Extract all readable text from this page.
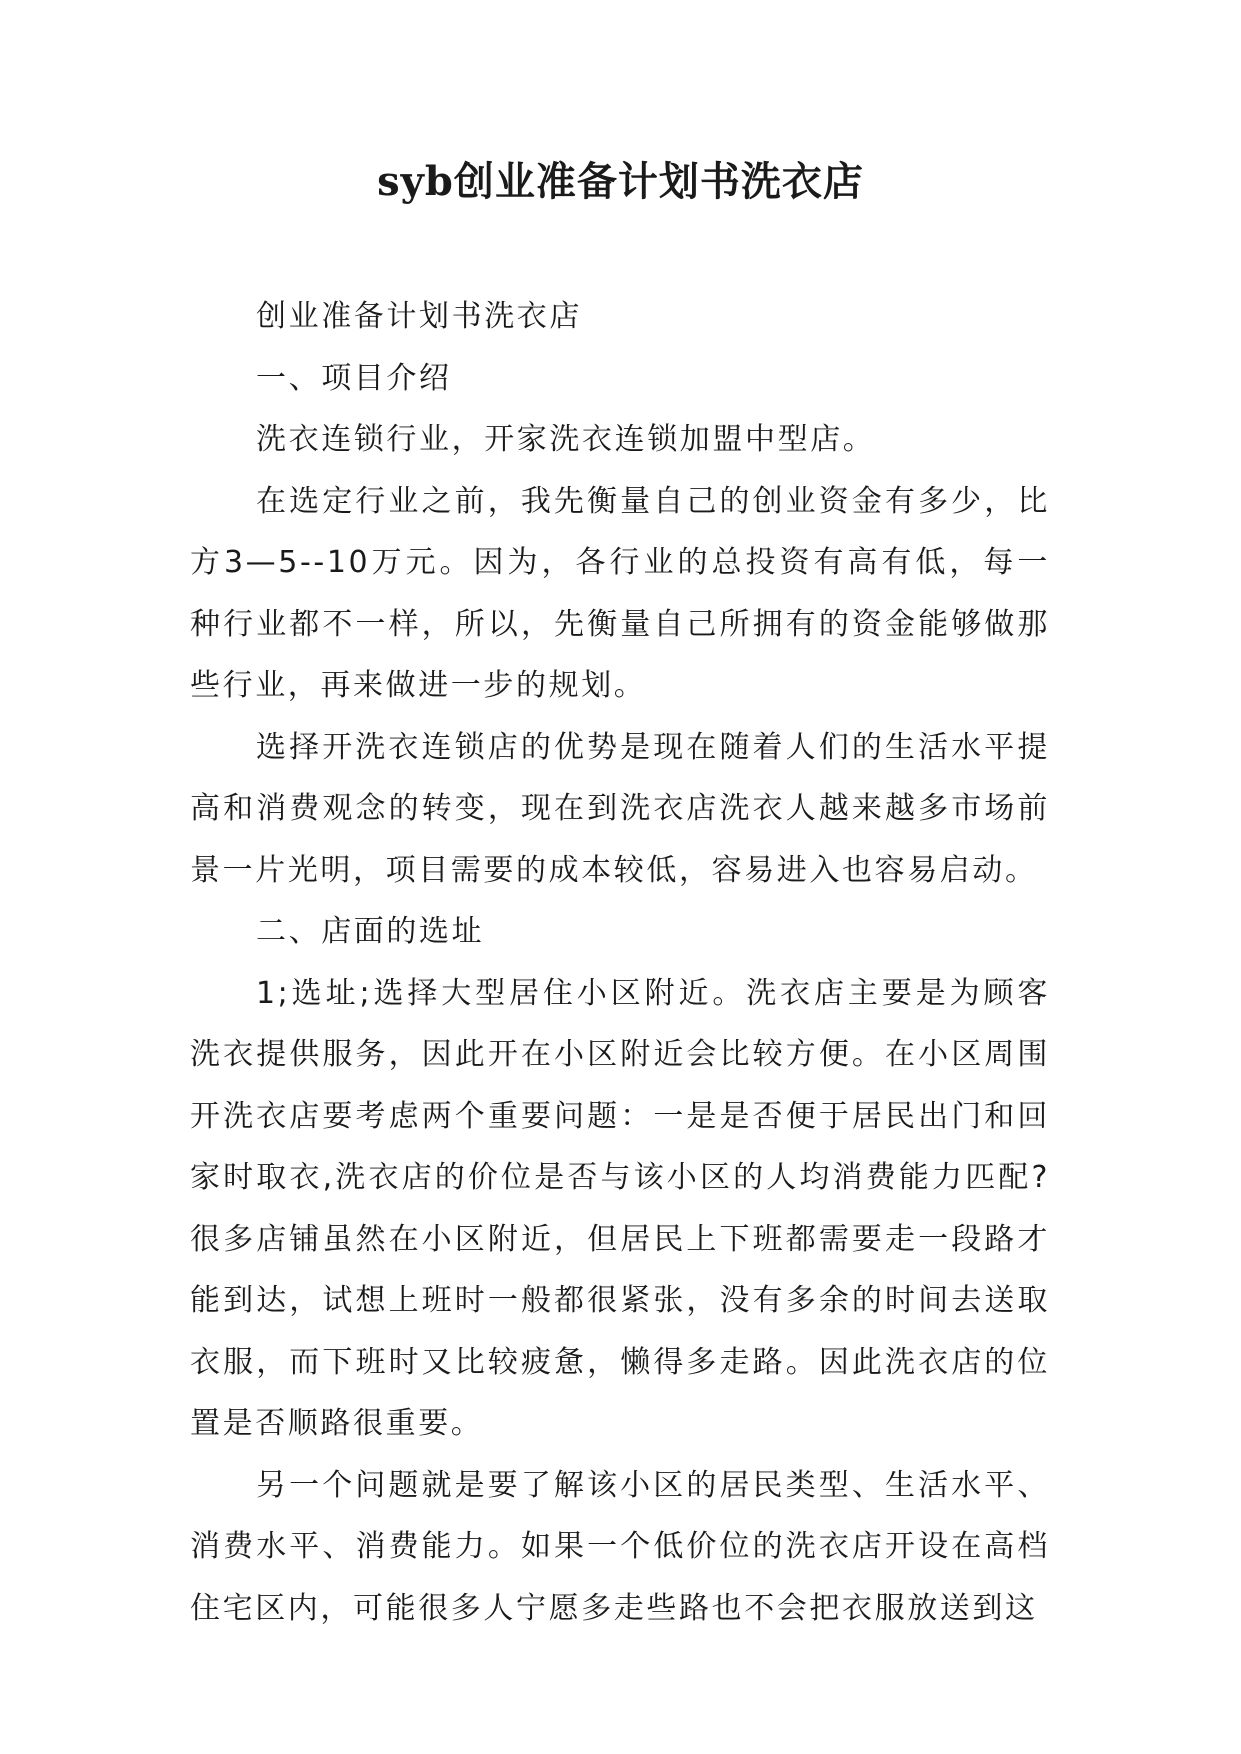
syb创业准备计划书洗衣店

创业准备计划书洗衣店

一、项目介绍

洗衣连锁行业，开家洗衣连锁加盟中型店。

在选定行业之前，我先衡量自己的创业资金有多少，比方3—5--10万元。因为，各行业的总投资有高有低，每一种行业都不一样，所以，先衡量自己所拥有的资金能够做那些行业，再来做进一步的规划。

选择开洗衣连锁店的优势是现在随着人们的生活水平提高和消费观念的转变，现在到洗衣店洗衣人越来越多市场前景一片光明，项目需要的成本较低，容易进入也容易启动。

二、店面的选址

1;选址;选择大型居住小区附近。洗衣店主要是为顾客洗衣提供服务，因此开在小区附近会比较方便。在小区周围开洗衣店要考虑两个重要问题：一是是否便于居民出门和回家时取衣,洗衣店的价位是否与该小区的人均消费能力匹配?很多店铺虽然在小区附近，但居民上下班都需要走一段路才能到达，试想上班时一般都很紧张，没有多余的时间去送取衣服，而下班时又比较疲惫，懒得多走路。因此洗衣店的位置是否顺路很重要。

另一个问题就是要了解该小区的居民类型、生活水平、消费水平、消费能力。如果一个低价位的洗衣店开设在高档住宅区内，可能很多人宁愿多走些路也不会把衣服放送到这
